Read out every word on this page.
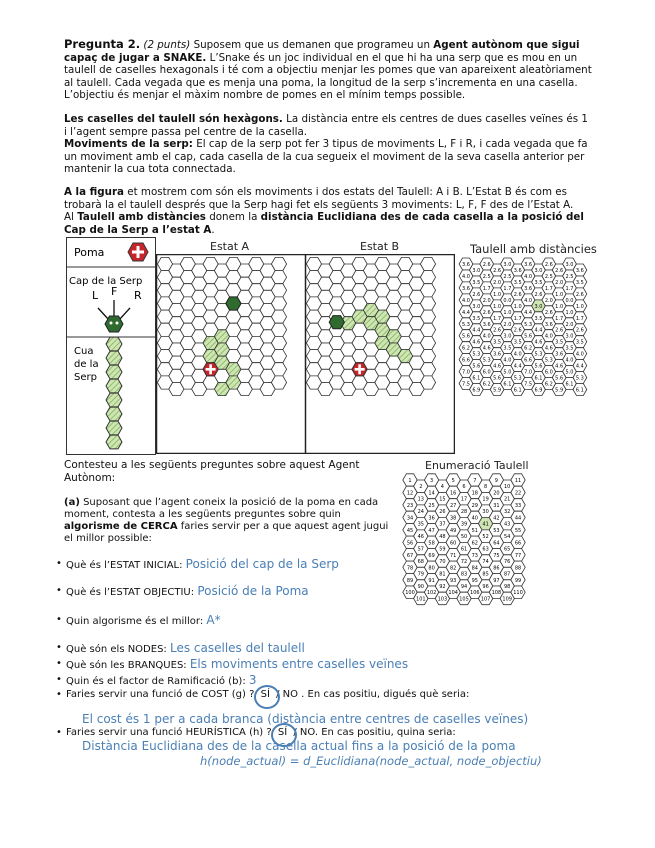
Pregunta 2. (2 punts) Suposem que us demanen que programeu un Agent autònom que sigui capaç de jugar a SNAKE. L’Snake és un joc individual en el que hi ha una serp que es mou en un taulell de caselles hexagonals i té com a objectiu menjar les pomes que van apareixent aleatòriament al taulell. Cada vegada que es menja una poma, la longitud de la serp s’incrementa en una casella. L’objectiu és menjar el màxim nombre de pomes en el mínim temps possible.

Les caselles del taulell són hexàgons. La distància entre els centres de dues caselles veïnes és 1 i l’agent sempre passa pel centre de la casella.
Moviments de la serp: El cap de la serp pot fer 3 tipus de moviments L, F i R, i cada vegada que fa un moviment amb el cap, cada casella de la cua segueix el moviment de la seva casella anterior per mantenir la cua tota connectada.

A la figura et mostrem com són els moviments i dos estats del Taulell: A i B. L’Estat B és com es trobarà la el taulell després que la Serp hagi fet els següents 3 moviments: L, F, F des de l’Estat A.
Al Taulell amb distàncies donem la distància Euclidiana des de cada casella a la posició del Cap de la Serp a l’estat A.

Poma
Cap de la Serp
L F R
Cua
de la
Serp
Estat A	Estat B	Taulell amb distàncies
Enumeració Taulell
3.6
4.0
3.6
4.0
4.4
5.3
5.6
6.2
6.6
7.0
7.5
3.0
3.5
2.6
3.0
3.5
4.4
4.6
5.3
5.6
6.1
6.9
2.6
2.5
1.7
2.0
2.6
3.6
4.0
4.6
5.3
6.0
6.2
2.6
2.0
1.0
1.0
1.7
2.6
3.5
3.6
4.6
5.6
5.9
3.0
2.5
1.7
0.0
1.0
2.0
3.0
3.5
4.0
5.0
6.1
3.6
3.5
2.6
1.0
1.7
2.6
3.5
4.0
4.4
5.3
6.1
3.6
4.0
3.6
4.0
4.4
5.3
5.6
6.2
6.6
7.0
7.5
3.0
3.5
2.6
3.0
3.5
4.4
4.6
5.3
5.6
6.1
6.9
2.6
2.5
1.7
2.0
2.6
3.6
4.0
4.6
5.3
6.0
6.2
2.6
2.0
1.0
1.0
1.7
2.6
3.5
3.6
4.6
5.6
5.9
3.0
2.5
1.7
0.0
1.0
2.0
3.0
3.5
4.0
5.0
6.1
3.6
3.5
2.6
1.0
1.7
2.6
3.5
4.0
4.4
5.3
6.1
1
12
23
34
45
56
67
78
89
100
2
13
24
35
46
57
68
79
90
101
3
14
25
36
47
58
69
80
91
102
4
15
26
37
48
59
70
81
92
103
5
16
27
38
49
60
71
82
93
104
6
17
28
39
50
61
72
83
94
105
7
18
29
40
51
62
73
84
95
106
8
19
30
41
52
63
74
85
96
107
9
20
31
42
53
64
75
86
97
108
10
21
32
43
54
65
76
87
98
109
11
22
33
44
55
66
77
88
99
110

Contesteu a les següents preguntes sobre aquest Agent Autònom:

(a) Suposant que l’agent coneix la posició de la poma en cada moment, contesta a les següents preguntes sobre quin algorisme de CERCA faries servir per a que aquest agent jugui el millor possible:

• Què és l’ESTAT INICIAL: Posició del cap de la Serp
• Què és l’ESTAT OBJECTIU: Posició de la Poma
• Quin algorisme és el millor: A*
• Què són els NODES: Les caselles del taulell
• Què són les BRANQUES: Els moviments entre caselles veïnes
• Quin és el factor de Ramificació (b): 3
• Faries servir una funció de COST (g) ? SÍ / NO . En cas positiu, digués què seria:
El cost és 1 per a cada branca (distància entre centres de caselles veïnes)
• Faries servir una funció HEURÍSTICA (h) ? SÍ / NO. En cas positiu, quina seria:
Distància Euclidiana des de la casella actual fins a la posició de la poma
h(node_actual) = d_Euclidiana(node_actual, node_objectiu)
